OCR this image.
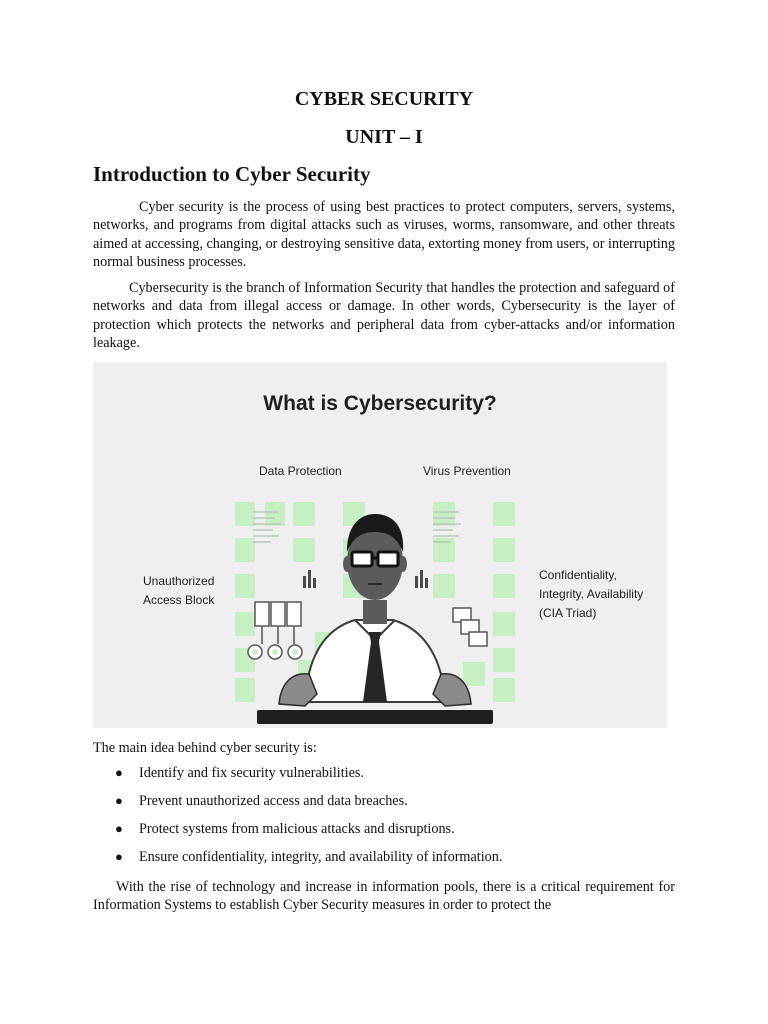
CYBER SECURITY
UNIT – I
Introduction to Cyber Security

Cyber security is the process of using best practices to protect computers, servers, systems, networks, and programs from digital attacks such as viruses, worms, ransomware, and other threats aimed at accessing, changing, or destroying sensitive data, extorting money from users, or interrupting normal business processes.

Cybersecurity is the branch of Information Security that handles the protection and safeguard of networks and data from illegal access or damage. In other words, Cybersecurity is the layer of protection which protects the networks and peripheral data from cyber-attacks and/or information leakage.

What is Cybersecurity?
Data Protection	Virus Prevention
Unauthorized
Access Block
Confidentiality,
Integrity, Availability
(CIA Triad)

The main idea behind cyber security is:

● Identify and fix security vulnerabilities.
● Prevent unauthorized access and data breaches.
● Protect systems from malicious attacks and disruptions.
● Ensure confidentiality, integrity, and availability of information.

With the rise of technology and increase in information pools, there is a critical requirement for Information Systems to establish Cyber Security measures in order to protect the
